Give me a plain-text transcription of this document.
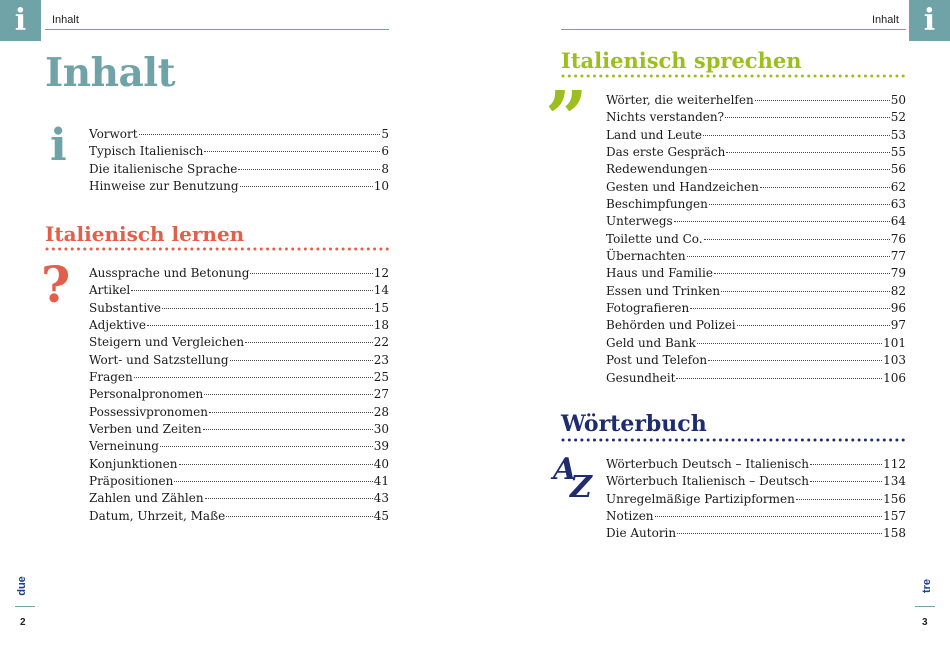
i	Inhalt
Inhalt
i Vorwort	5
Typisch Italienisch	6
Die italienische Sprache	8
Hinweise zur Benutzung	10
Italienisch lernen
? Aussprache und Betonung	12
Artikel	14
Substantive	15
Adjektive	18
Steigern und Vergleichen	22
Wort- und Satzstellung	23
Fragen	25
Personalpronomen	27
Possessivpronomen	28
Verben und Zeiten	30
Verneinung	39
Konjunktionen	40
Präpositionen	41
Zahlen und Zählen	43
Datum, Uhrzeit, Maße	45
due
2
i
Inhalt
Italienisch sprechen
” Wörter, die weiterhelfen	50
Nichts verstanden?	52
Land und Leute	53
Das erste Gespräch	55
Redewendungen	56
Gesten und Handzeichen	62
Beschimpfungen	63
Unterwegs	64
Toilette und Co.	76
Übernachten	77
Haus und Familie	79
Essen und Trinken	82
Fotografieren	96
Behörden und Polizei	97
Geld und Bank	101
Post und Telefon	103
Gesundheit	106
Wörterbuch
A
Z
Wörterbuch Deutsch – Italienisch	112
Wörterbuch Italienisch – Deutsch	134
Unregelmäßige Partizipformen	156
Notizen	157
Die Autorin	158
tre
3
